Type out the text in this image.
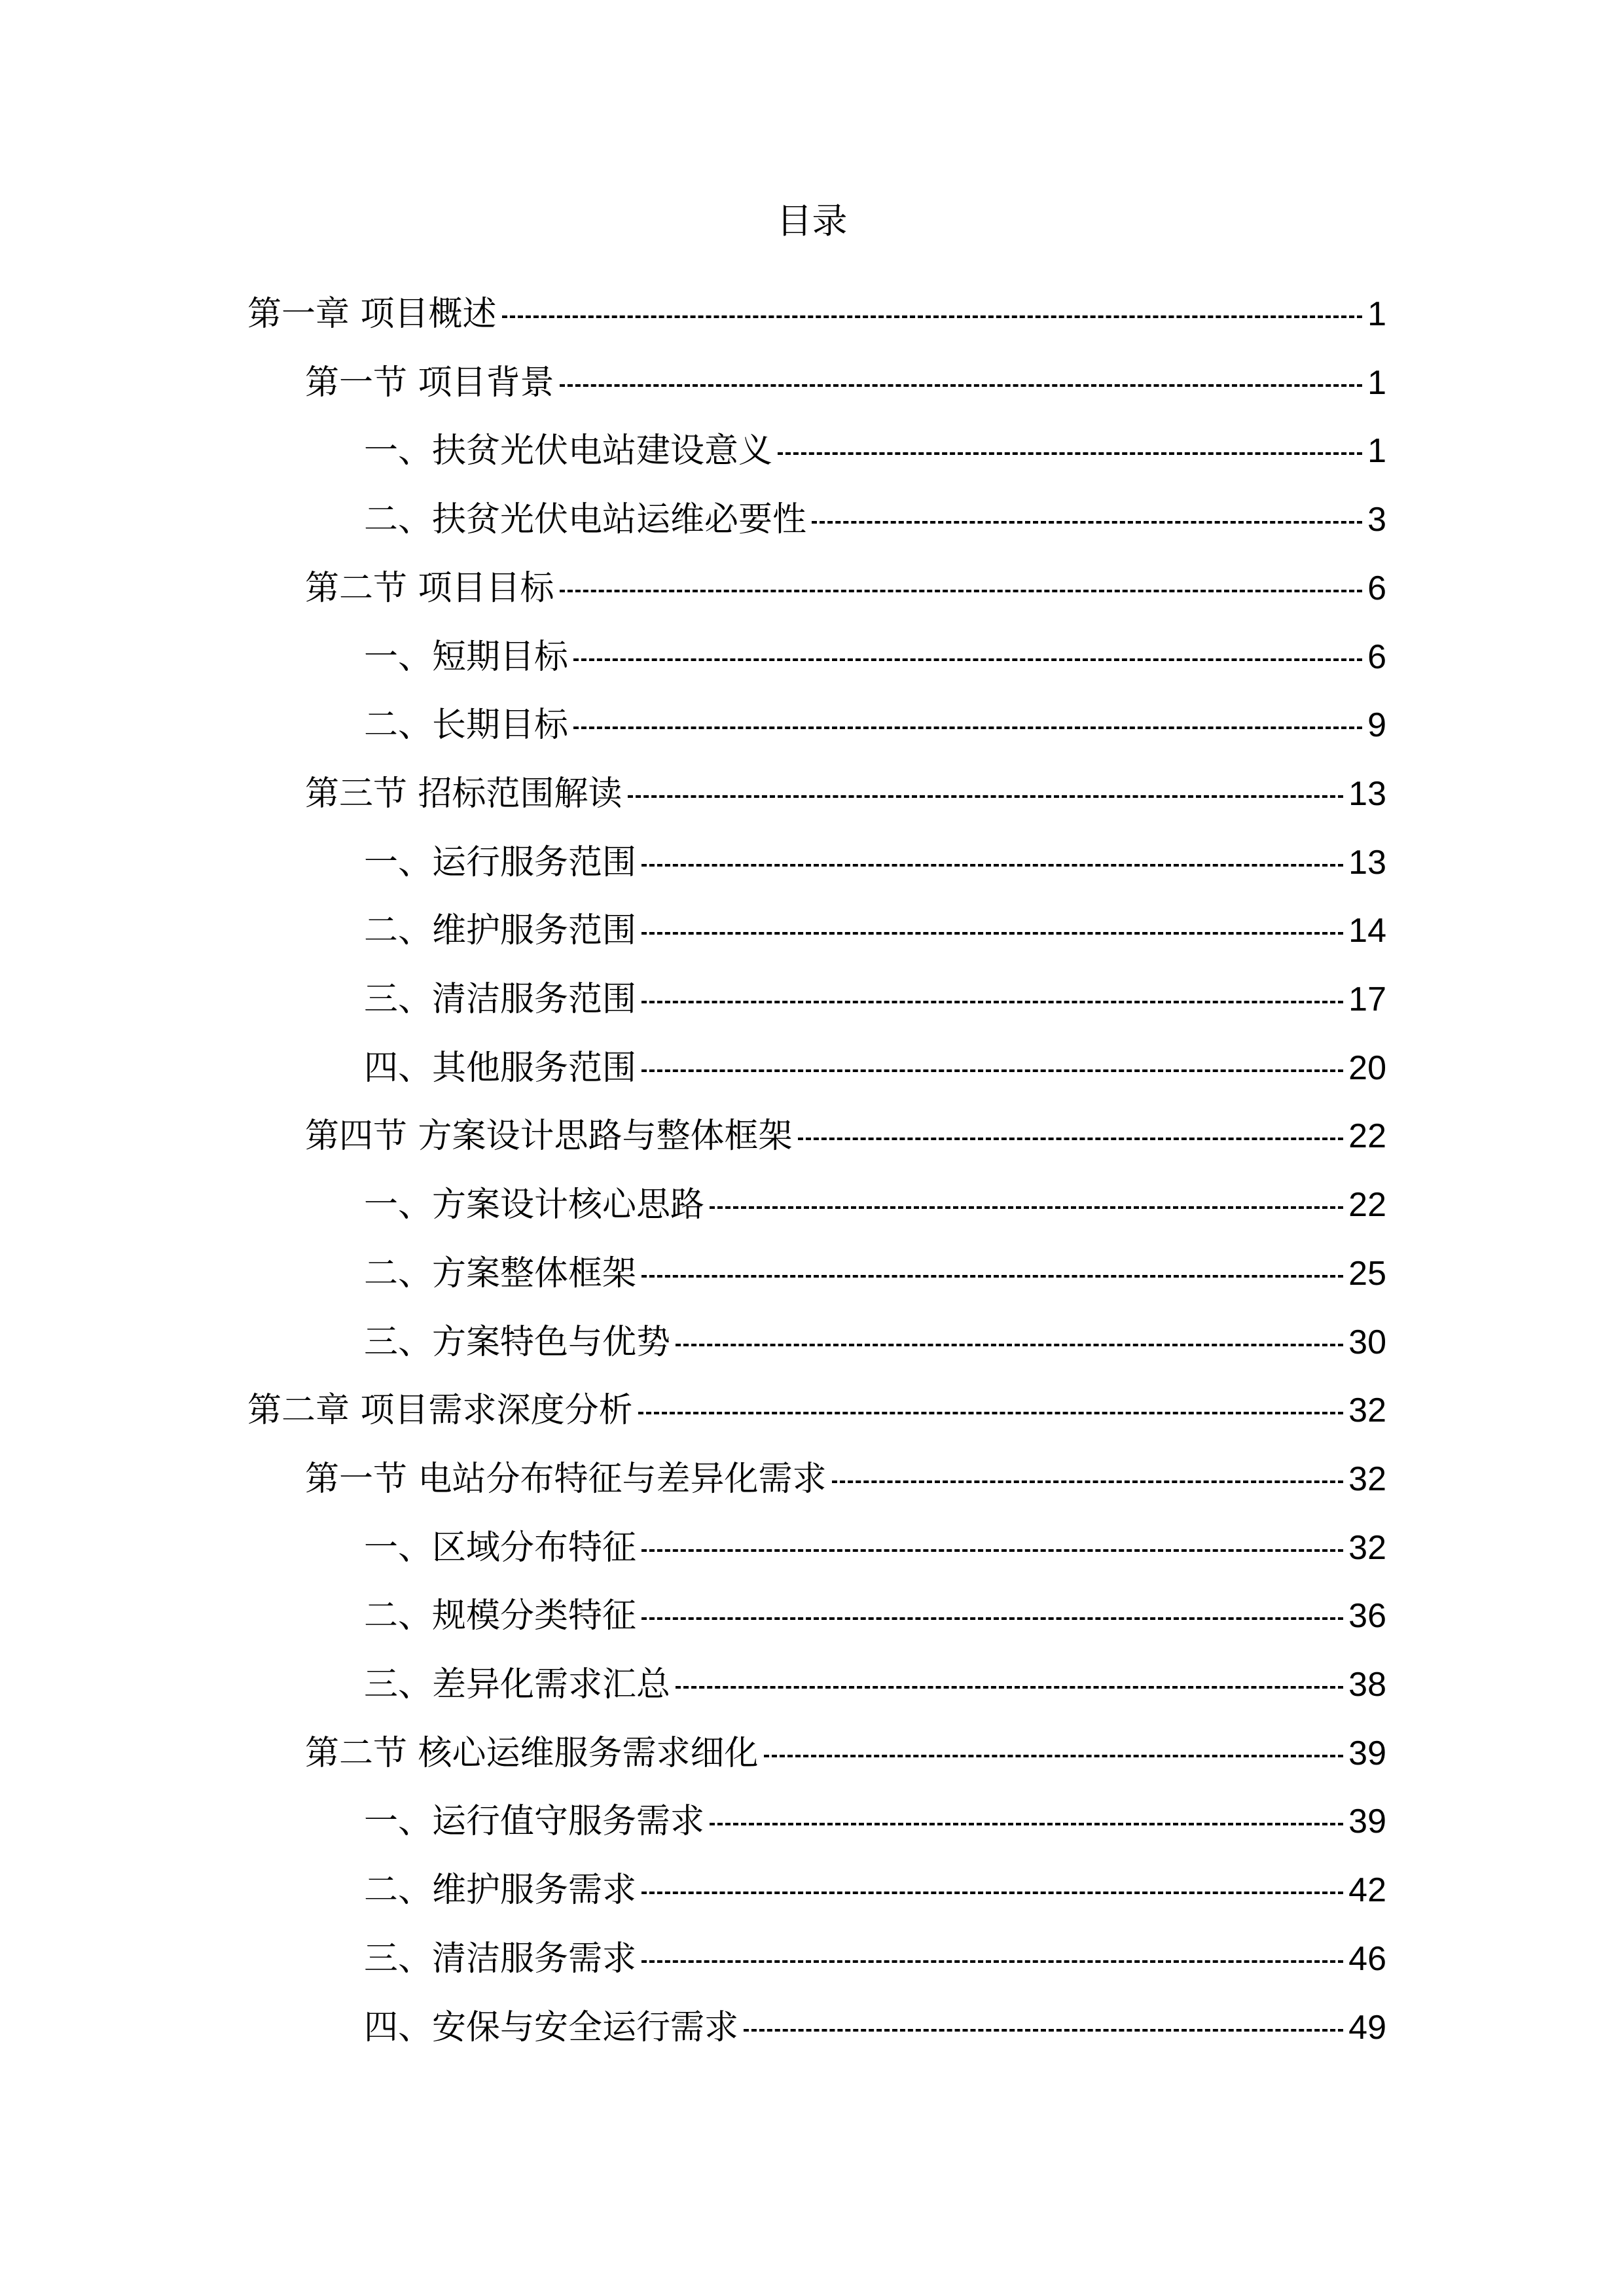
目录
第一章 项目概述	1
第一节 项目背景	1
一、扶贫光伏电站建设意义	1
二、扶贫光伏电站运维必要性	3
第二节 项目目标	6
一、短期目标	6
二、长期目标	9
第三节 招标范围解读	13
一、运行服务范围	13
二、维护服务范围	14
三、清洁服务范围	17
四、其他服务范围	20
第四节 方案设计思路与整体框架	22
一、方案设计核心思路	22
二、方案整体框架	25
三、方案特色与优势	30
第二章 项目需求深度分析	32
第一节 电站分布特征与差异化需求	32
一、区域分布特征	32
二、规模分类特征	36
三、差异化需求汇总	38
第二节 核心运维服务需求细化	39
一、运行值守服务需求	39
二、维护服务需求	42
三、清洁服务需求	46
四、安保与安全运行需求	49
